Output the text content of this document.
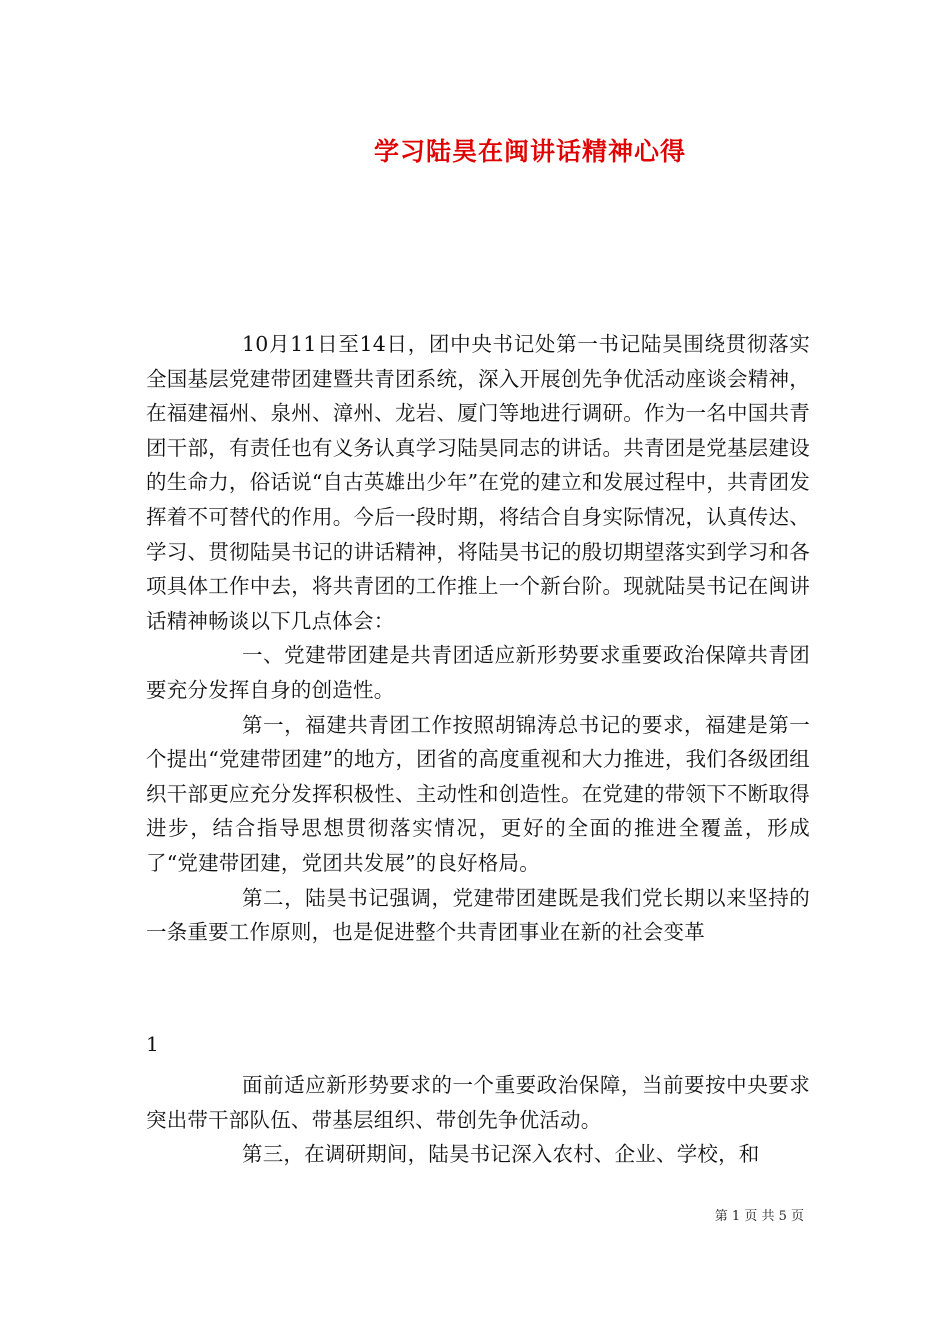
学习陆昊在闽讲话精神心得

10月11日至14日，团中央书记处第一书记陆昊围绕贯彻落实全国基层党建带团建暨共青团系统，深入开展创先争优活动座谈会精神，在福建福州、泉州、漳州、龙岩、厦门等地进行调研。作为一名中国共青团干部，有责任也有义务认真学习陆昊同志的讲话。共青团是党基层建设的生命力，俗话说“自古英雄出少年”在党的建立和发展过程中，共青团发挥着不可替代的作用。今后一段时期，将结合自身实际情况，认真传达、学习、贯彻陆昊书记的讲话精神，将陆昊书记的殷切期望落实到学习和各项具体工作中去，将共青团的工作推上一个新台阶。现就陆昊书记在闽讲话精神畅谈以下几点体会：

一、党建带团建是共青团适应新形势要求重要政治保障共青团要充分发挥自身的创造性。

第一，福建共青团工作按照胡锦涛总书记的要求，福建是第一个提出“党建带团建”的地方，团省的高度重视和大力推进，我们各级团组织干部更应充分发挥积极性、主动性和创造性。在党建的带领下不断取得进步，结合指导思想贯彻落实情况，更好的全面的推进全覆盖，形成了“党建带团建，党团共发展”的良好格局。

第二，陆昊书记强调，党建带团建既是我们党长期以来坚持的一条重要工作原则，也是促进整个共青团事业在新的社会变革

1

面前适应新形势要求的一个重要政治保障，当前要按中央要求突出带干部队伍、带基层组织、带创先争优活动。

第三，在调研期间，陆昊书记深入农村、企业、学校，和

第 1 页 共 5 页
